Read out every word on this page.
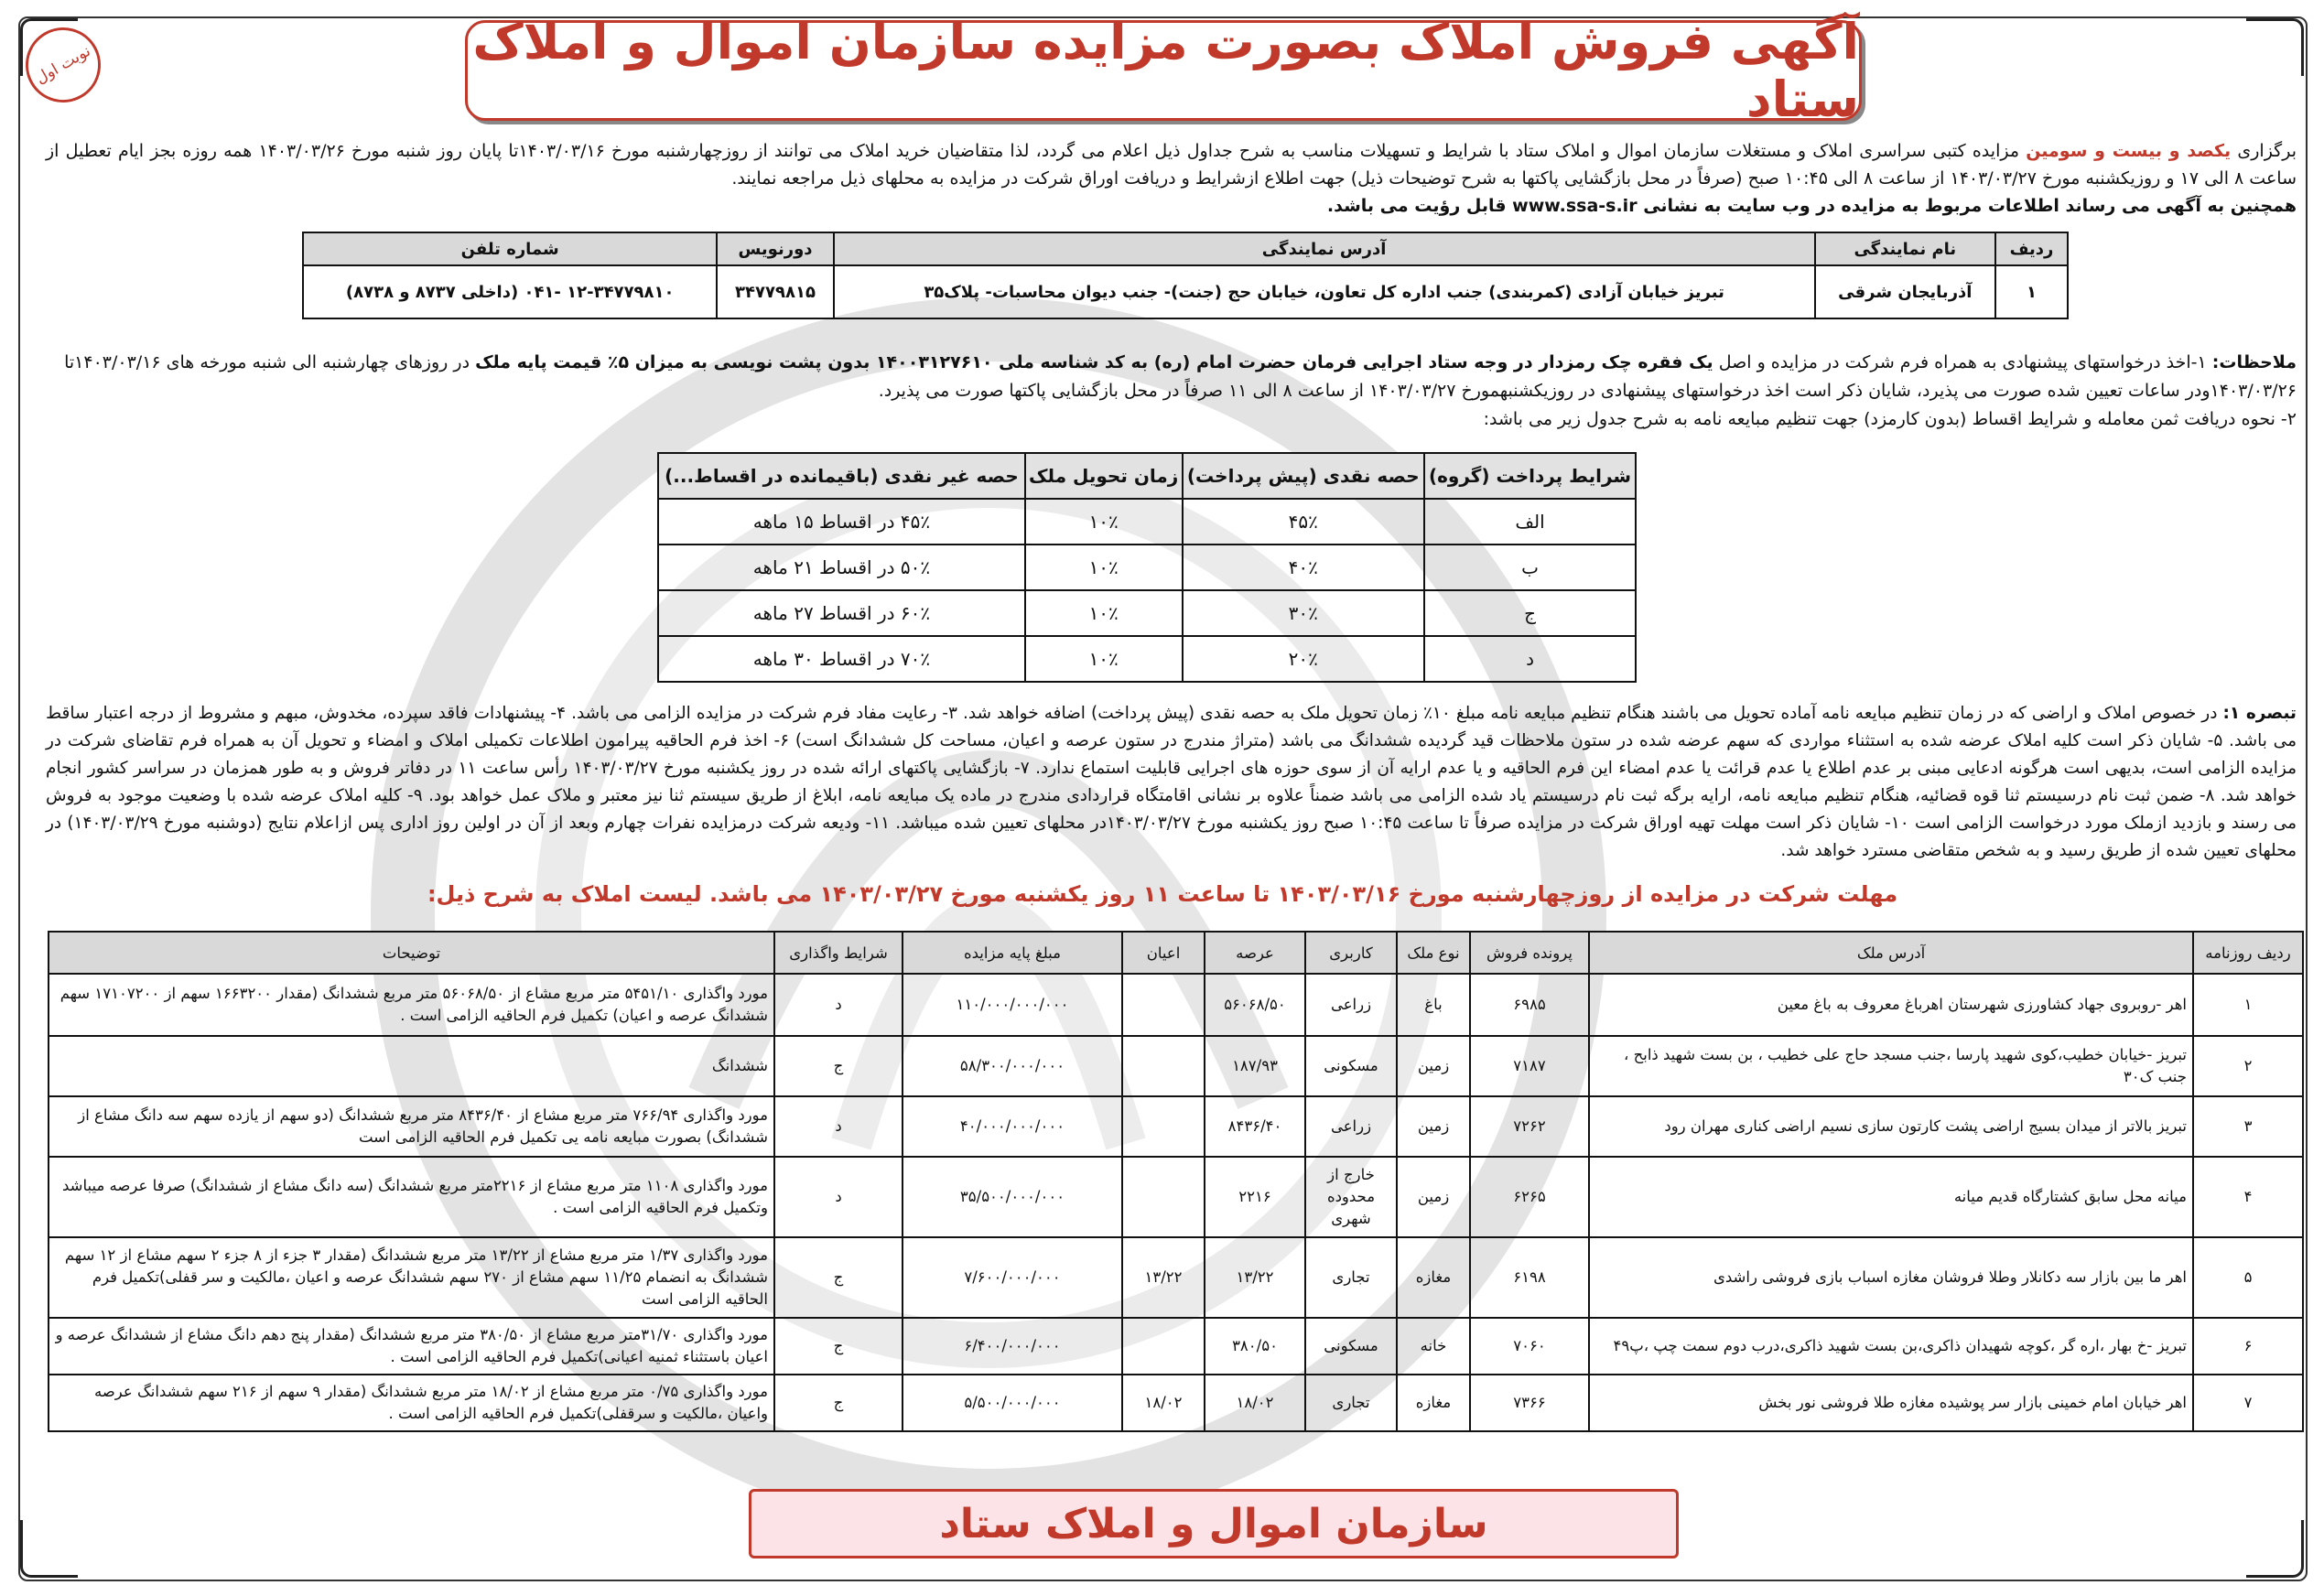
نوبت اول	آگهی فروش املاک بصورت مزایده سازمان اموال و املاک ستاد
برگزاری یکصد و بیست و سومین مزایده کتبی سراسری املاک و مستغلات سازمان اموال و املاک ستاد با شرایط و تسهیلات مناسب به شرح جداول ذیل اعلام می گردد، لذا متقاضیان خرید املاک می توانند از روزچهارشنبه مورخ ۱۴۰۳/۰۳/۱۶تا پایان روز شنبه مورخ ۱۴۰۳/۰۳/۲۶ همه روزه بجز ایام تعطیل از ساعت ۸ الی ۱۷ و روزیکشنبه مورخ ۱۴۰۳/۰۳/۲۷ از ساعت ۸ الی ۱۰:۴۵ صبح (صرفاً در محل بازگشایی پاکتها به شرح توضیحات ذیل) جهت اطلاع ازشرایط و دریافت اوراق شرکت در مزایده به محلهای ذیل مراجعه نمایند.
همچنین به آگهی می رساند اطلاعات مربوط به مزایده در وب سایت به نشانی www.ssa-s.ir قابل رؤیت می باشد.
ردیف	نام نمایندگی	آدرس نمایندگی	دورنویس	شماره تلفن
۱	آذربایجان شرقی	تبریز خیابان آزادی (کمربندی) جنب اداره کل تعاون، خیابان حج (جنت)- جنب دیوان محاسبات- پلاک۳۵	۳۴۷۷۹۸۱۵	۱۲-۳۴۷۷۹۸۱۰ -۰۴۱ (داخلی ۸۷۳۷ و ۸۷۳۸)
ملاحظات: ۱-اخذ درخواستهای پیشنهادی به همراه فرم شرکت در مزایده و اصل یک فقره چک رمزدار در وجه ستاد اجرایی فرمان حضرت امام (ره) به کد شناسه ملی ۱۴۰۰۳۱۲۷۶۱۰ بدون پشت نویسی به میزان ۵٪ قیمت پایه ملک در روزهای چهارشنبه الی شنبه مورخه های ۱۴۰۳/۰۳/۱۶تا ۱۴۰۳/۰۳/۲۶ودر ساعات تعیین شده صورت می پذیرد، شایان ذکر است اخذ درخواستهای پیشنهادی در روزیکشنبهمورخ ۱۴۰۳/۰۳/۲۷ از ساعت ۸ الی ۱۱ صرفاً در محل بازگشایی پاکتها صورت می پذیرد.
۲- نحوه دریافت ثمن معامله و شرایط اقساط (بدون کارمزد) جهت تنظیم مبایعه نامه به شرح جدول زیر می باشد:
شرایط پرداخت (گروه)	حصه نقدی (پیش پرداخت)	زمان تحویل ملک	حصه غیر نقدی (باقیمانده در اقساط...)
الف	۴۵٪	۱۰٪	۴۵٪ در اقساط ۱۵ ماهه
ب	۴۰٪	۱۰٪	۵۰٪ در اقساط ۲۱ ماهه
ج	۳۰٪	۱۰٪	۶۰٪ در اقساط ۲۷ ماهه
د	۲۰٪	۱۰٪	۷۰٪ در اقساط ۳۰ ماهه
تبصره ۱: در خصوص املاک و اراضی که در زمان تنظیم مبایعه نامه آماده تحویل می باشند هنگام تنظیم مبایعه نامه مبلغ ۱۰٪ زمان تحویل ملک به حصه نقدی (پیش پرداخت) اضافه خواهد شد. ۳- رعایت مفاد فرم شرکت در مزایده الزامی می باشد. ۴- پیشنهادات فاقد سپرده، مخدوش، مبهم و مشروط از درجه اعتبار ساقط می باشد. ۵- شایان ذکر است کلیه املاک عرضه شده به استثناء مواردی که سهم عرضه شده در ستون ملاحظات قید گردیده ششدانگ می باشد (متراژ مندرج در ستون عرصه و اعیان، مساحت کل ششدانگ است) ۶- اخذ فرم الحاقیه پیرامون اطلاعات تکمیلی املاک و امضاء و تحویل آن به همراه فرم تقاضای شرکت در مزایده الزامی است، بدیهی است هرگونه ادعایی مبنی بر عدم اطلاع یا عدم قرائت یا عدم امضاء این فرم الحاقیه و یا عدم ارایه آن از سوی حوزه های اجرایی قابلیت استماع ندارد. ۷- بازگشایی پاکتهای ارائه شده در روز یکشنبه مورخ ۱۴۰۳/۰۳/۲۷ رأس ساعت ۱۱ در دفاتر فروش و به طور همزمان در سراسر کشور انجام خواهد شد. ۸- ضمن ثبت نام درسیستم ثنا قوه قضائیه، هنگام تنظیم مبایعه نامه، ارایه برگه ثبت نام درسیستم یاد شده الزامی می باشد ضمناً علاوه بر نشانی اقامتگاه قراردادی مندرج در ماده یک مبایعه نامه، ابلاغ از طریق سیستم ثنا نیز معتبر و ملاک عمل خواهد بود. ۹- کلیه املاک عرضه شده با وضعیت موجود به فروش می رسند و بازدید ازملک مورد درخواست الزامی است ۱۰- شایان ذکر است مهلت تهیه اوراق شرکت در مزایده صرفاً تا ساعت ۱۰:۴۵ صبح روز یکشنبه مورخ ۱۴۰۳/۰۳/۲۷در محلهای تعیین شده میباشد. ۱۱- ودیعه شرکت درمزایده نفرات چهارم وبعد از آن در اولین روز اداری پس ازاعلام نتایج (دوشنبه مورخ ۱۴۰۳/۰۳/۲۹) در محلهای تعیین شده از طریق رسید و به شخص متقاضی مسترد خواهد شد.
مهلت شرکت در مزایده از روزچهارشنبه مورخ ۱۴۰۳/۰۳/۱۶ تا ساعت ۱۱ روز یکشنبه مورخ ۱۴۰۳/۰۳/۲۷ می باشد. لیست املاک به شرح ذیل:
ردیف روزنامه	آدرس ملک	پرونده فروش	نوع ملک	کاربری	عرصه	اعیان	مبلغ پایه مزایده	شرایط واگذاری	توضیحات
۱	اهر -روبروی جهاد کشاورزی شهرستان اهرباغ معروف به باغ معین	۶۹۸۵	باغ	زراعی	۵۶۰۶۸/۵۰		۱۱۰/۰۰۰/۰۰۰/۰۰۰	د	مورد واگذاری ۵۴۵۱/۱۰ متر مربع مشاع از ۵۶۰۶۸/۵۰ متر مربع ششدانگ (مقدار ۱۶۶۳۲۰۰ سهم از ۱۷۱۰۷۲۰۰ سهم ششدانگ عرصه و اعیان) تکمیل فرم الحاقیه الزامی است .
۲	تبریز -خیابان خطیب،کوی شهید پارسا ،جنب مسجد حاج علی خطیب ، بن بست شهید ذابح ، جنب ک۳۰	۷۱۸۷	زمین	مسکونی	۱۸۷/۹۳		۵۸/۳۰۰/۰۰۰/۰۰۰	ج	ششدانگ
۳	تبریز بالاتر از میدان بسیج اراضی پشت کارتون سازی نسیم اراضی کناری مهران رود	۷۲۶۲	زمین	زراعی	۸۴۳۶/۴۰		۴۰/۰۰۰/۰۰۰/۰۰۰	د	مورد واگذاری ۷۶۶/۹۴ متر مربع مشاع از ۸۴۳۶/۴۰ متر مربع ششدانگ (دو سهم از یازده سهم سه دانگ مشاع از ششدانگ) بصورت مبایعه نامه یی تکمیل فرم الحاقیه الزامی است
۴	میانه محل سابق کشتارگاه قدیم میانه	۶۲۶۵	زمین	خارج از محدوده شهری	۲۲۱۶		۳۵/۵۰۰/۰۰۰/۰۰۰	د	مورد واگذاری ۱۱۰۸ متر مربع مشاع از ۲۲۱۶متر مربع ششدانگ (سه دانگ مشاع از ششدانگ) صرفا عرصه میباشد وتکمیل فرم الحاقیه الزامی است .
۵	اهر ما بین بازار سه دکانلار وطلا فروشان مغازه اسباب بازی فروشی راشدی	۶۱۹۸	مغازه	تجاری	۱۳/۲۲	۱۳/۲۲	۷/۶۰۰/۰۰۰/۰۰۰	ج	مورد واگذاری ۱/۳۷ متر مربع مشاع از ۱۳/۲۲ متر مربع ششدانگ (مقدار ۳ جزء از ۸ جزء ۲ سهم مشاع از ۱۲ سهم ششدانگ به انضمام ۱۱/۲۵ سهم مشاع از ۲۷۰ سهم ششدانگ عرصه و اعیان ،مالکیت و سر قفلی)تکمیل فرم الحاقیه الزامی است
۶	تبریز -خ بهار ،اره گر ،کوچه شهیدان ذاکری،بن بست شهید ذاکری،درب دوم سمت چپ ،پ۴۹	۷۰۶۰	خانه	مسکونی	۳۸۰/۵۰		۶/۴۰۰/۰۰۰/۰۰۰	ج	مورد واگذاری ۳۱/۷۰متر مربع مشاع از ۳۸۰/۵۰ متر مربع ششدانگ (مقدار پنج دهم دانگ مشاع از ششدانگ عرصه و اعیان باستثناء ثمنیه اعیانی)تکمیل فرم الحاقیه الزامی است .
۷	اهر خیابان امام خمینی بازار سر پوشیده مغازه طلا فروشی نور بخش	۷۳۶۶	مغازه	تجاری	۱۸/۰۲	۱۸/۰۲	۵/۵۰۰/۰۰۰/۰۰۰	ج	مورد واگذاری ۰/۷۵ متر مربع مشاع از ۱۸/۰۲ متر مربع ششدانگ (مقدار ۹ سهم از ۲۱۶ سهم ششدانگ عرصه واعیان ،مالکیت و سرقفلی)تکمیل فرم الحاقیه الزامی است .
سازمان اموال و املاک ستاد
